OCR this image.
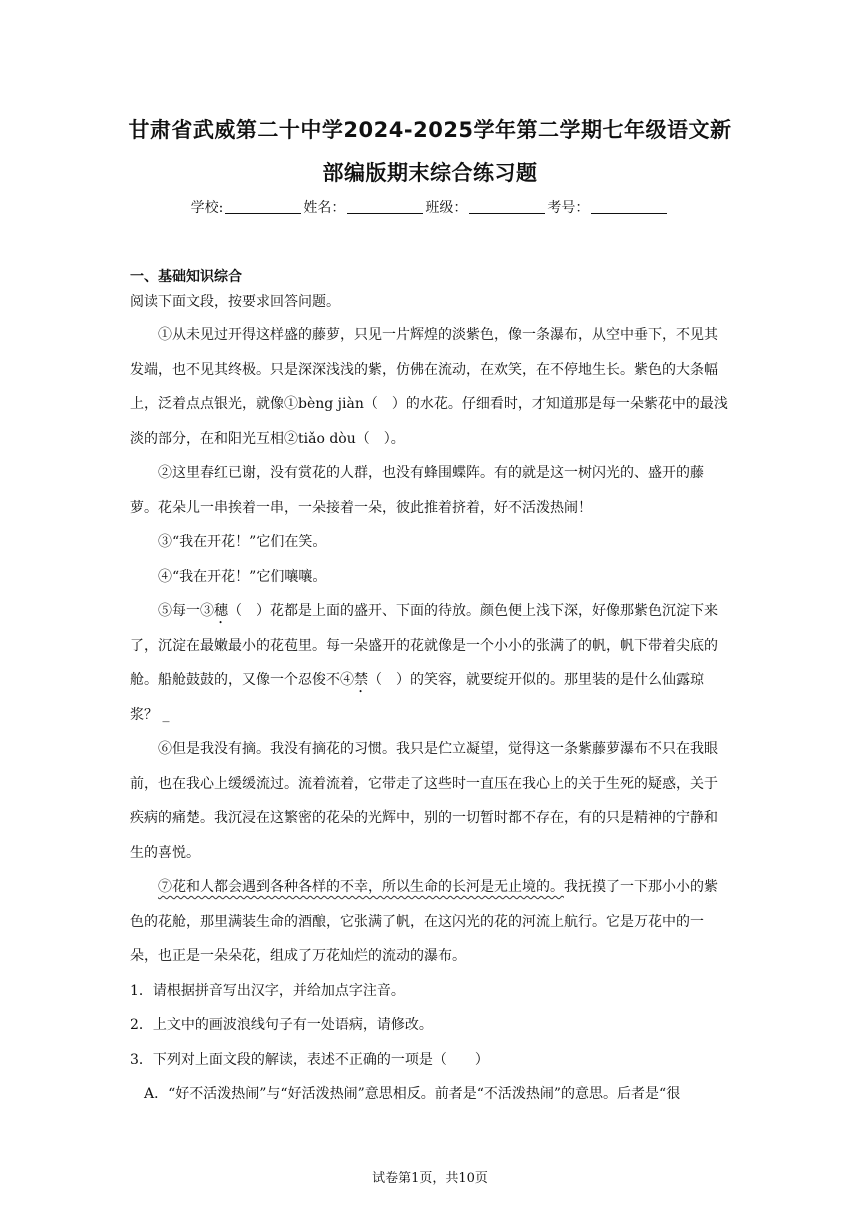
甘肃省武威第二十中学2024-2025学年第二学期七年级语文新
部编版期末综合练习题
学校:	姓名：	班级：	考号：
一、基础知识综合
阅读下面文段，按要求回答问题。

①从未见过开得这样盛的藤萝，只见一片辉煌的淡紫色，像一条瀑布，从空中垂下，不见其发端，也不见其终极。只是深深浅浅的紫，仿佛在流动，在欢笑，在不停地生长。紫色的大条幅上，泛着点点银光，就像①bèng jiàn（　）的水花。仔细看时，才知道那是每一朵紫花中的最浅淡的部分，在和阳光互相②tiǎo dòu（　）。

②这里春红已谢，没有赏花的人群，也没有蜂围蝶阵。有的就是这一树闪光的、盛开的藤萝。花朵儿一串挨着一串，一朵接着一朵，彼此推着挤着，好不活泼热闹！

③“我在开花！”它们在笑。

④“我在开花！”它们嚷嚷。

⑤每一③穗（　）花都是上面的盛开、下面的待放。颜色便上浅下深，好像那紫色沉淀下来了，沉淀在最嫩最小的花苞里。每一朵盛开的花就像是一个小小的张满了的帆，帆下带着尖底的舱。船舱鼓鼓的，又像一个忍俊不④禁（　）的笑容，就要绽开似的。那里装的是什么仙露琼浆？ _

⑥但是我没有摘。我没有摘花的习惯。我只是伫立凝望，觉得这一条紫藤萝瀑布不只在我眼前，也在我心上缓缓流过。流着流着，它带走了这些时一直压在我心上的关于生死的疑惑，关于疾病的痛楚。我沉浸在这繁密的花朵的光辉中，别的一切暂时都不存在，有的只是精神的宁静和生的喜悦。

⑦花和人都会遇到各种各样的不幸，所以生命的长河是无止境的。我抚摸了一下那小小的紫色的花舱，那里满装生命的酒酿，它张满了帆，在这闪光的花的河流上航行。它是万花中的一朵，也正是一朵朵花，组成了万花灿烂的流动的瀑布。

1．请根据拼音写出汉字，并给加点字注音。

2．上文中的画波浪线句子有一处语病，请修改。

3．下列对上面文段的解读，表述不正确的一项是（　　）

A．“好不活泼热闹”与“好活泼热闹”意思相反。前者是“不活泼热闹”的意思。后者是“很

试卷第1页，共10页
